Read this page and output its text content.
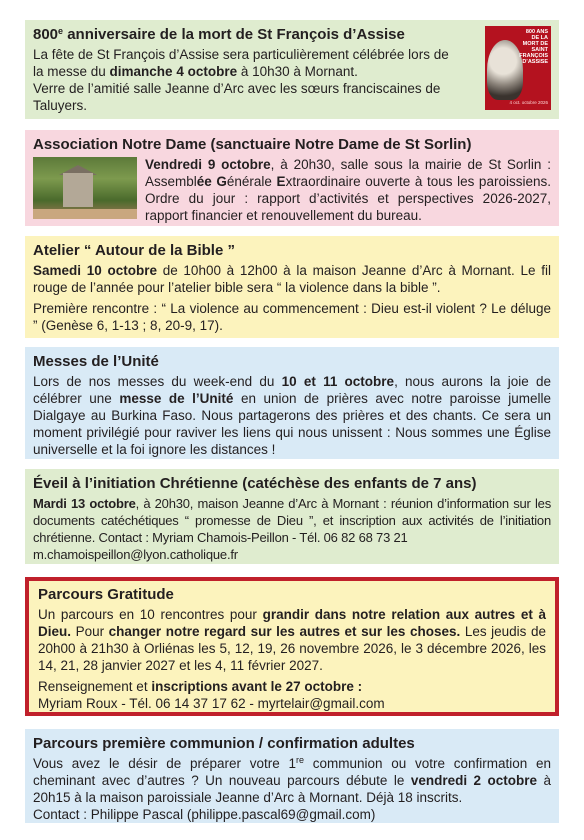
800e anniversaire de la mort de St François d’Assise

La fête de St François d’Assise sera particulièrement célébrée lors de
la messe du dimanche 4 octobre à 10h30 à Mornant.
Verre de l’amitié salle Jeanne d’Arc avec les sœurs franciscaines de
Taluyers.

800 ANS DE LA MORT DE SAINT FRANÇOIS D’ASSISE
4 oct. octobre 2026
Association Notre Dame (sanctuaire Notre Dame de St Sorlin)

Vendredi 9 octobre, à 20h30, salle sous la mairie de St Sorlin : Assemblée Générale Extraordinaire ouverte à tous les paroissiens. Ordre du jour : rapport d’activités et perspectives 2026-2027, rapport financier et renouvellement du bureau.

Atelier “ Autour de la Bible ”

Samedi 10 octobre de 10h00 à 12h00 à la maison Jeanne d’Arc à Mornant. Le fil rouge de l’année pour l’atelier bible sera “ la violence dans la bible ”.

Première rencontre : “ La violence au commencement : Dieu est-il violent ? Le déluge ” (Genèse 6, 1-13 ; 8, 20-9, 17).

Messes de l’Unité

Lors de nos messes du week-end du 10 et 11 octobre, nous aurons la joie de célébrer une messe de l’Unité en union de prières avec notre paroisse jumelle Dialgaye au Burkina Faso. Nous partagerons des prières et des chants. Ce sera un moment privilégié pour raviver les liens qui nous unissent : Nous sommes une Église universelle et la foi ignore les distances !

Éveil à l’initiation Chrétienne (catéchèse des enfants de 7 ans)

Mardi 13 octobre, à 20h30, maison Jeanne d’Arc à Mornant : réunion d’information sur les documents catéchétiques “ promesse de Dieu ”, et inscription aux activités de l’initiation chrétienne. Contact : Myriam Chamois-Peillon - Tél. 06 82 68 73 21

m.chamoispeillon@lyon.catholique.fr

Parcours Gratitude

Un parcours en 10 rencontres pour grandir dans notre relation aux autres et à Dieu. Pour changer notre regard sur les autres et sur les choses. Les jeudis de 20h00 à 21h30 à Orliénas les 5, 12, 19, 26 novembre 2026, le 3 décembre 2026, les 14, 21, 28 janvier 2027 et les 4, 11 février 2027.

Renseignement et inscriptions avant le 27 octobre :

Myriam Roux - Tél. 06 14 37 17 62 - myrtelair@gmail.com

Parcours première communion / confirmation adultes

Vous avez le désir de préparer votre 1re communion ou votre confirmation en cheminant avec d’autres ? Un nouveau parcours débute le vendredi 2 octobre à 20h15 à la maison paroissiale Jeanne d’Arc à Mornant. Déjà 18 inscrits.

Contact : Philippe Pascal (philippe.pascal69@gmail.com)
